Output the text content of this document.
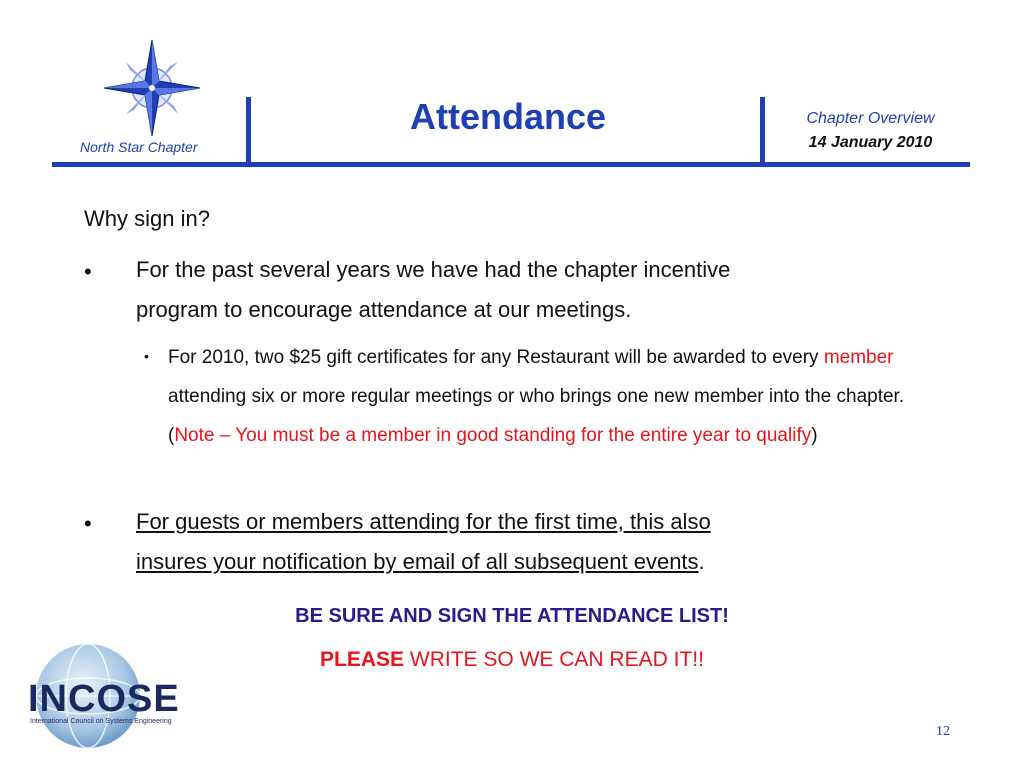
North Star Chapter
Attendance	Chapter Overview
14 January 2010
Why sign in?
• For the past several years we have had the chapter incentive
program to encourage attendance at our meetings.
• For 2010, two $25 gift certificates for any Restaurant will be awarded to every member attending six or more regular meetings or who brings one new member into the chapter. (Note – You must be a member in good standing for the entire year to qualify)
• For guests or members attending for the first time, this also
insures your notification by email of all subsequent events.
BE SURE AND SIGN THE ATTENDANCE LIST!
PLEASE WRITE SO WE CAN READ IT!!
INCOSE
International Council on Systems Engineering
12
